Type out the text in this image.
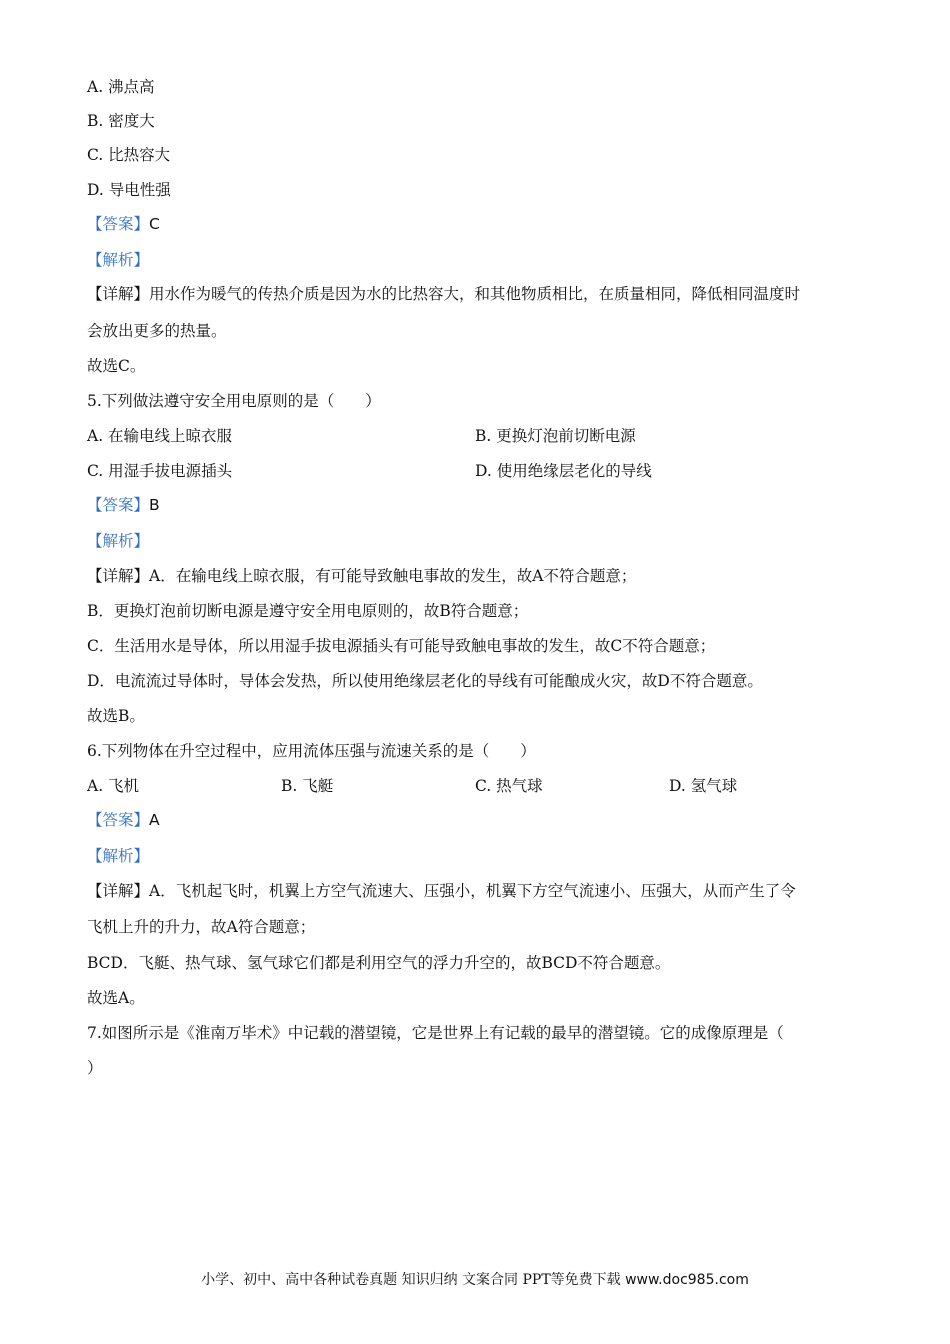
A. 沸点高
B. 密度大
C. 比热容大
D. 导电性强
【答案】C
【解析】
【详解】用水作为暖气的传热介质是因为水的比热容大，和其他物质相比，在质量相同，降低相同温度时
会放出更多的热量。
故选C。
5.下列做法遵守安全用电原则的是（　　）
A. 在输电线上晾衣服	B. 更换灯泡前切断电源
C. 用湿手拔电源插头	D. 使用绝缘层老化的导线
【答案】B
【解析】
【详解】A．在输电线上晾衣服，有可能导致触电事故的发生，故A不符合题意；
B．更换灯泡前切断电源是遵守安全用电原则的，故B符合题意；
C．生活用水是导体，所以用湿手拔电源插头有可能导致触电事故的发生，故C不符合题意；
D．电流流过导体时，导体会发热，所以使用绝缘层老化的导线有可能酿成火灾，故D不符合题意。
故选B。
6.下列物体在升空过程中，应用流体压强与流速关系的是（　　）
A. 飞机	B. 飞艇	C. 热气球	D. 氢气球
【答案】A
【解析】
【详解】A．飞机起飞时，机翼上方空气流速大、压强小，机翼下方空气流速小、压强大，从而产生了令
飞机上升的升力，故A符合题意；
BCD．飞艇、热气球、氢气球它们都是利用空气的浮力升空的，故BCD不符合题意。
故选A。
7.如图所示是《淮南万毕术》中记载的潜望镜，它是世界上有记载的最早的潜望镜。它的成像原理是（
）
小学、初中、高中各种试卷真题 知识归纳 文案合同 PPT等免费下载 www.doc985.com
